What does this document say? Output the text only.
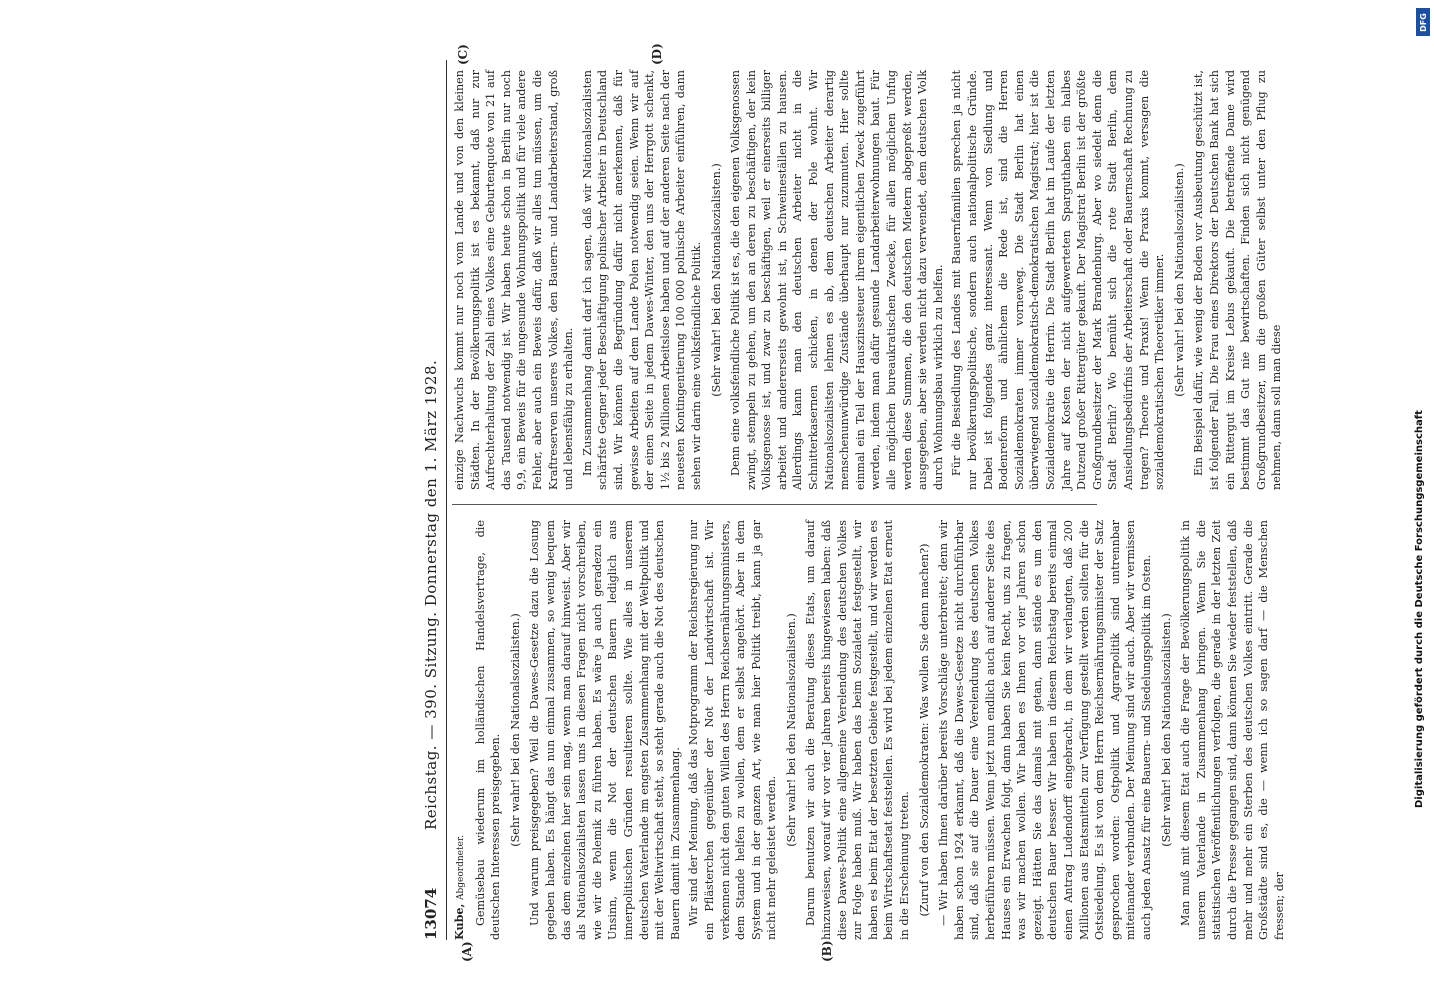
13074
Reichstag. — 390. Sitzung. Donnerstag den 1. März 1928.
(A)	(B)
(C)	(D)

Kube, Abgeordneter. Gemüsebau wiederum im holländischen Handelsvertrage, die deutschen Interessen preisgegeben. (Sehr wahr! bei den Nationalsozialisten.) Und warum preisgegeben? Weil die Dawes-Gesetze dazu die Losung gegeben haben. Es hängt das nun einmal zusammen, so wenig bequem das dem einzelnen hier sein mag, wenn man darauf hinweist. Aber wir als Nationalsozialisten lassen uns in diesen Fragen nicht vorschreiben, wie wir die Polemik zu führen haben. Es wäre ja auch geradezu ein Unsinn, wenn die Not der deutschen Bauern lediglich aus innerpolitischen Gründen resultieren sollte. Wie alles in unserem deutschen Vaterlande im engsten Zusammenhang mit der Weltpolitik und mit der Weltwirtschaft steht, so steht gerade auch die Not des deutschen Bauern damit im Zusammenhang. Wir sind der Meinung, daß das Notprogramm der Reichsregierung nur ein Pflästerchen gegenüber der Not der Landwirtschaft ist. Wir verkennen nicht den guten Willen des Herrn Reichsernährungsministers, dem Stande helfen zu wollen, dem er selbst angehört. Aber in dem System und in der ganzen Art, wie man hier Politik treibt, kann ja gar nicht mehr geleistet werden.

(Sehr wahr! bei den Nationalsozialisten.) Darum benutzen wir auch die Beratung dieses Etats, um darauf hinzuweisen, worauf wir vor vier Jahren bereits hingewiesen haben: daß diese Dawes-Politik eine allgemeine Verelendung des deutschen Volkes zur Folge haben muß. Wir haben das beim Sozialetat festgestellt, wir haben es beim Etat der besetzten Gebiete festgestellt, und wir werden es beim Wirtschaftsetat feststellen. Es wird bei jedem einzelnen Etat erneut in die Erscheinung treten. (Zuruf von den Sozialdemokraten: Was wollen Sie denn machen?) — Wir haben Ihnen darüber bereits Vorschläge unterbreitet; denn wir haben schon 1924 erkannt, daß die Dawes-Gesetze nicht durchführbar sind, daß sie auf die Dauer eine Verelendung des deutschen Volkes herbeiführen müssen. Wenn jetzt nun endlich auch auf anderer Seite des Hauses ein Erwachen folgt, dann haben Sie kein Recht, uns zu fragen, was wir machen wollen. Wir haben es Ihnen vor vier Jahren schon gezeigt. Hätten Sie das damals mit getan, dann stände es um den deutschen Bauer besser. Wir haben in diesem Reichstag bereits einmal einen Antrag Ludendorff eingebracht, in dem wir verlangten, daß 200 Millionen aus Etatsmitteln zur Verfügung gestellt werden sollten für die Ostsiedelung. Es ist von dem Herrn Reichsernährungsminister der Satz gesprochen worden: Ostpolitik und Agrarpolitik sind untrennbar miteinander verbunden. Der Meinung sind wir auch. Aber wir vermissen auch jeden Ansatz für eine Bauern- und Siedelungspolitik im Osten. (Sehr wahr! bei den Nationalsozialisten.) Man muß mit diesem Etat auch die Frage der Bevölkerungspolitik in unserem Vaterlande in Zusammenhang bringen. Wenn Sie die statistischen Veröffentlichungen verfolgen, die gerade in der letzten Zeit durch die Presse gegangen sind, dann können Sie wieder feststellen, daß mehr und mehr ein Sterben des deutschen Volkes eintritt. Gerade die Großstädte sind es, die — wenn ich so sagen darf — die Menschen fressen; der

einzige Nachwuchs kommt nur noch vom Lande und von den kleinen Städten. In der Bevölkerungspolitik ist es bekannt, daß nur zur Aufrechterhaltung der Zahl eines Volkes eine Geburtenquote von 21 auf das Tausend notwendig ist. Wir haben heute schon in Berlin nur noch 9,9, ein Beweis für die ungesunde Wohnungspolitik und für viele andere Fehler, aber auch ein Beweis dafür, daß wir alles tun müssen, um die Kraftreserven unseres Volkes, den Bauern- und Landarbeiterstand, groß und lebensfähig zu erhalten. Im Zusammenhang damit darf ich sagen, daß wir Nationalsozialisten schärfste Gegner jeder Beschäftigung polnischer Arbeiter in Deutschland sind. Wir können die Begründung dafür nicht anerkennen, daß für gewisse Arbeiten auf dem Lande Polen notwendig seien. Wenn wir auf der einen Seite in jedem Dawes-Winter, den uns der Herrgott schenkt, 1½ bis 2 Millionen Arbeitslose haben und auf der anderen Seite nach der neuesten Kontingentierung 100 000 polnische Arbeiter einführen, dann sehen wir darin eine volksfeindliche Politik. (Sehr wahr! bei den Nationalsozialisten.) Denn eine volksfeindliche Politik ist es, die den eigenen Volksgenossen zwingt, stempeln zu gehen, um den an deren zu beschäftigen, der kein Volksgenosse ist, und zwar zu beschäftigen, weil er einerseits billiger arbeitet und andererseits gewohnt ist, in Schweineställen zu hausen. Allerdings kann man den deutschen Arbeiter nicht in die Schnitterkasernen schicken, in denen der Pole wohnt. Wir Nationalsozialisten lehnen es ab, dem deutschen Arbeiter derartig menschenunwürdige Zustände überhaupt nur zuzumuten. Hier sollte einmal ein Teil der Hauszinssteuer ihrem eigentlichen Zweck zugeführt werden, indem man dafür gesunde Landarbeiterwohnungen baut. Für alle möglichen bureaukratischen Zwecke, für allen möglichen Unfug werden diese Summen, die den deutschen Mietern abgepreßt werden, ausgegeben, aber sie werden nicht dazu verwendet, dem deutschen Volk durch Wohnungsbau wirklich zu helfen. Für die Besiedlung des Landes mit Bauernfamilien sprechen ja nicht nur bevölkerungspolitische, sondern auch nationalpolitische Gründe. Dabei ist folgendes ganz interessant. Wenn von Siedlung und Bodenreform und ähnlichem die Rede ist, sind die Herren Sozialdemokraten immer vorneweg. Die Stadt Berlin hat einen überwiegend sozialdemokratisch-demokratischen Magistrat; hier ist die Sozialdemokratie die Herrin. Die Stadt Berlin hat im Laufe der letzten Jahre auf Kosten der nicht aufgewerteten Sparguthaben ein halbes Dutzend großer Rittergüter gekauft. Der Magistrat Berlin ist der größte Großgrundbesitzer der Mark Brandenburg. Aber wo siedelt denn die Stadt Berlin? Wo bemüht sich die rote Stadt Berlin, dem Ansiedlungsbedürfnis der Arbeiterschaft oder Bauernschaft Rechnung zu tragen? Theorie und Praxis! Wenn die Praxis kommt, versagen die sozialdemokratischen Theoretiker immer. (Sehr wahr! bei den Nationalsozialisten.) Ein Beispiel dafür, wie wenig der Boden vor Ausbeutung geschützt ist, ist folgender Fall. Die Frau eines Direktors der Deutschen Bank hat sich ein Rittergut im Kreise Lebus gekauft. Die betreffende Dame wird bestimmt das Gut nie bewirtschaften. Finden sich nicht genügend Großgrundbesitzer, um die großen Güter selbst unter den Pflug zu nehmen, dann soll man diese

DFG
Digitalisierung gefördert durch die Deutsche Forschungsgemeinschaft
